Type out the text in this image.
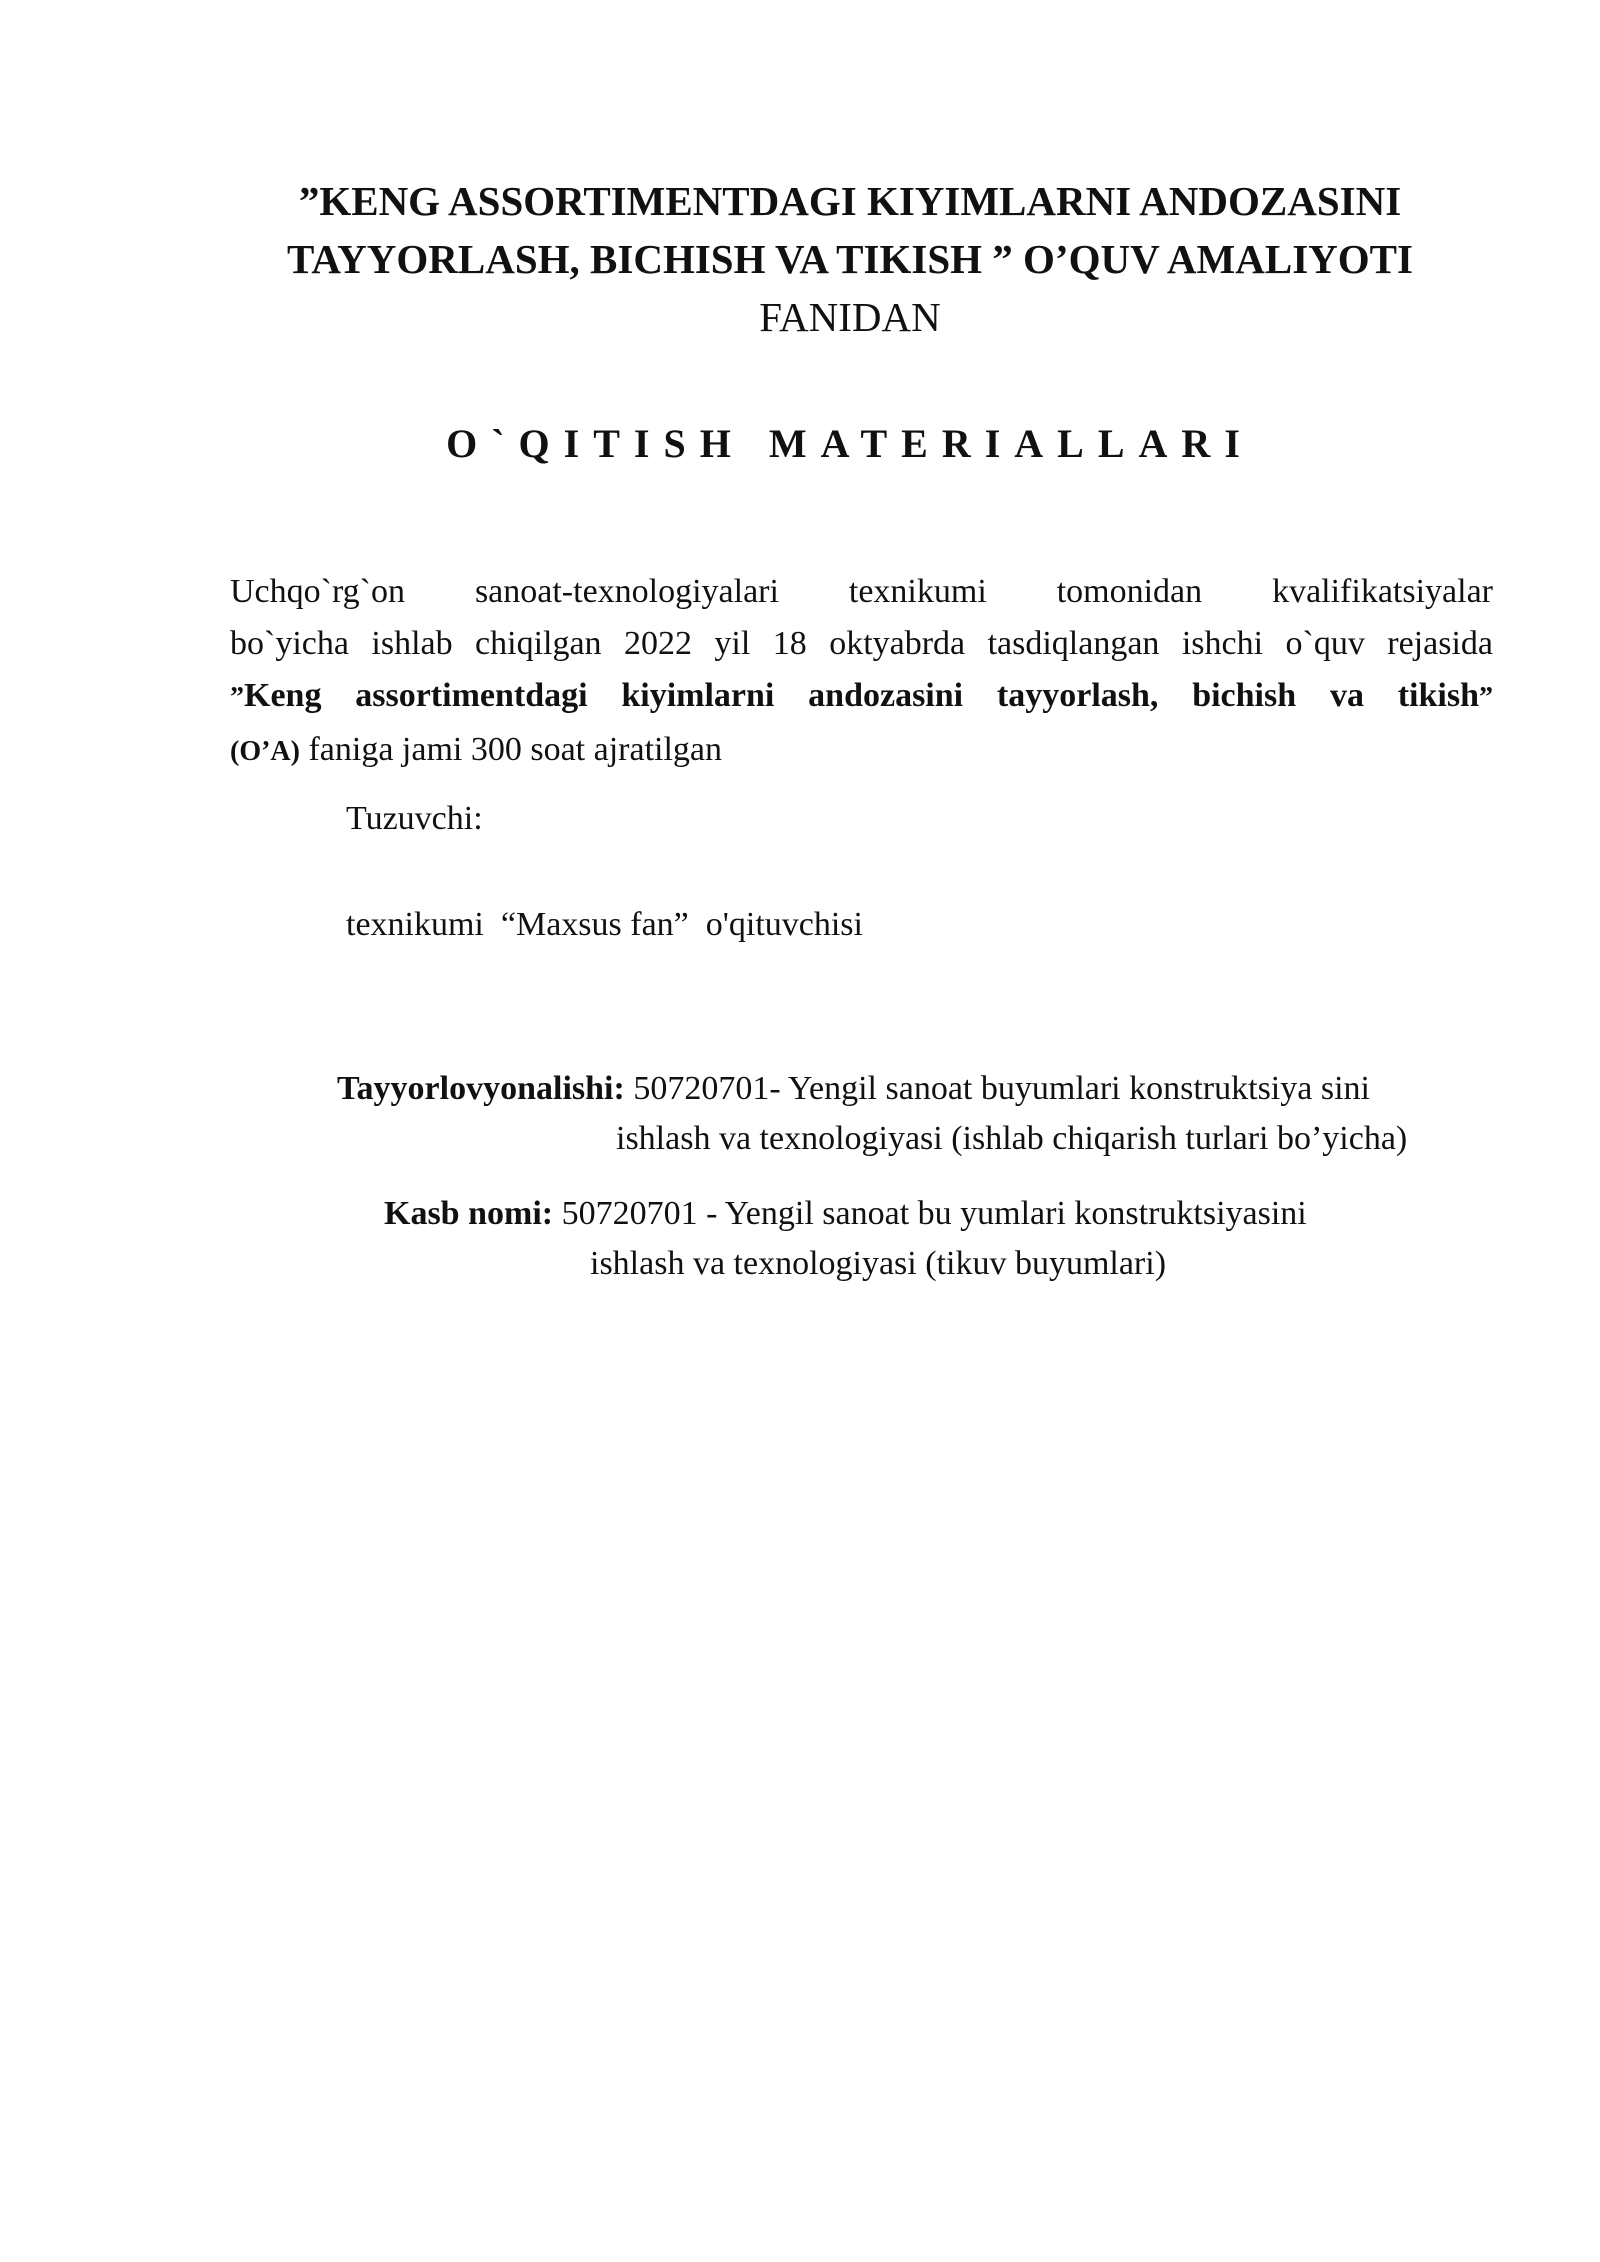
”KENG ASSORTIMENTDAGI KIYIMLARNI ANDOZASINI
TAYYORLASH, BICHISH VA TIKISH ” O’QUV AMALIYOTI
FANIDAN
O`QITISH MATERIALLARI
Uchqo`rg`on sanoat-texnologiyalari texnikumi tomonidan kvalifikatsiyalar
bo`yicha ishlab chiqilgan 2022 yil 18 oktyabrda tasdiqlangan ishchi o`quv rejasida
”Keng assortimentdagi kiyimlarni andozasini tayyorlash, bichish va tikish”
(O’A) faniga jami 300 soat ajratilgan
Tuzuvchi:
texnikumi  “Maxsus fan”  o'qituvchisi
Tayyorlovyonalishi: 50720701- Yengil sanoat buyumlari konstruktsiya sini
ishlash va texnologiyasi (ishlab chiqarish turlari bo’yicha)
Kasb nomi: 50720701 - Yengil sanoat bu yumlari konstruktsiyasini
ishlash va texnologiyasi (tikuv buyumlari)
